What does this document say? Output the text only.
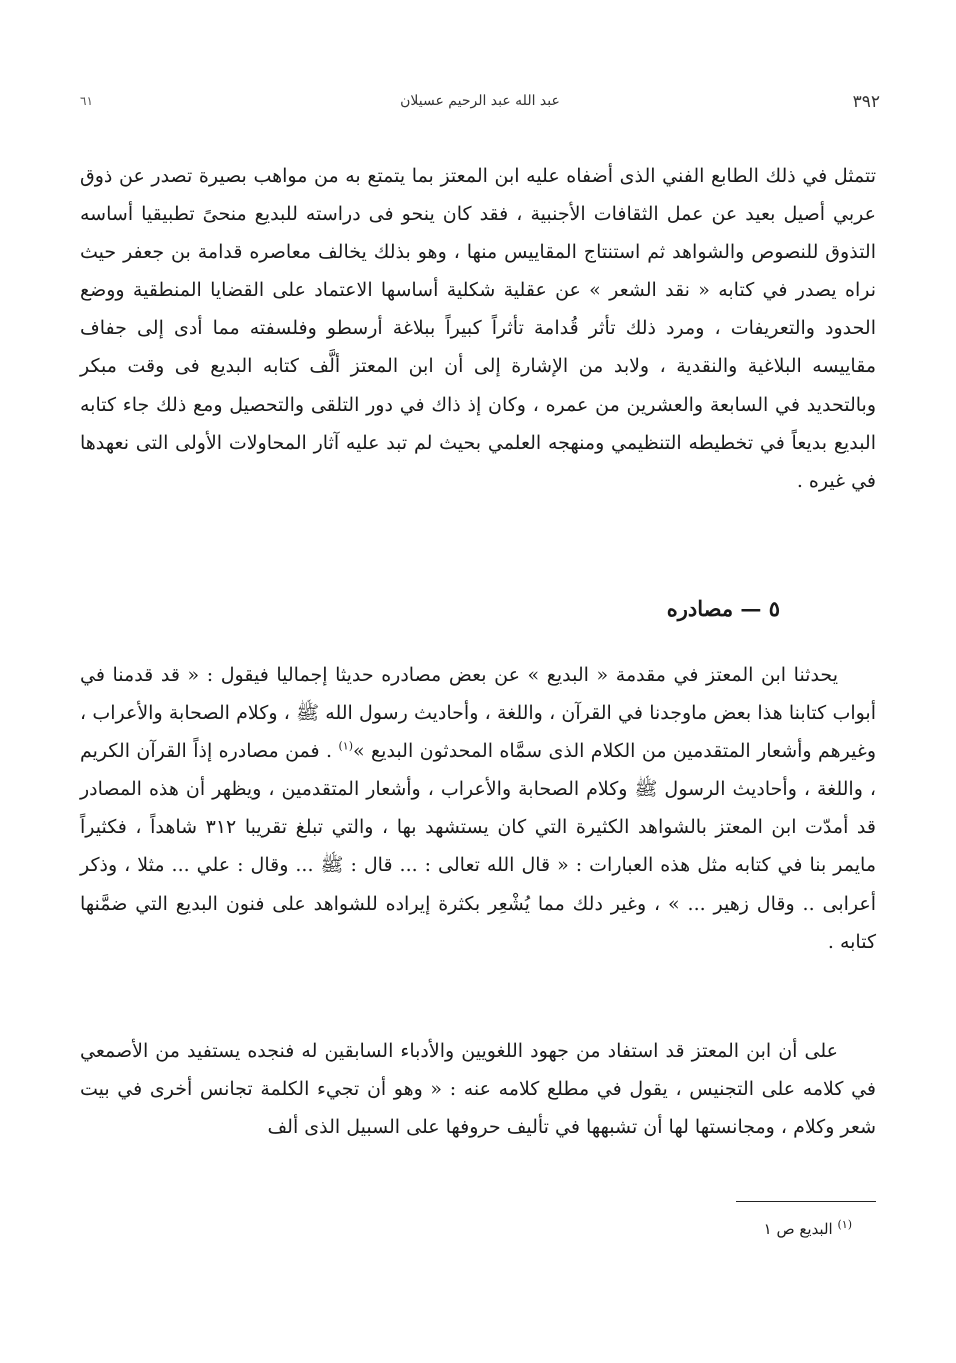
٣٩٢
عبد الله عبد الرحيم عسيلان
٦١

تتمثل في ذلك الطابع الفني الذى أضفاه عليه ابن المعتز بما يتمتع به من مواهب بصيرة تصدر عن ذوق عربي أصيل بعيد عن عمل الثقافات الأجنبية ، فقد كان ينحو فى دراسته للبديع منحىً تطبيقيا أساسه التذوق للنصوص والشواهد ثم استنتاج المقاييس منها ، وهو بذلك يخالف معاصره قدامة بن جعفر حيث نراه يصدر في كتابه « نقد الشعر » عن عقلية شكلية أساسها الاعتماد على القضايا المنطقية ووضع الحدود والتعريفات ، ومرد ذلك تأثر قُدامة تأثراً كبيراً ببلاغة أرسطو وفلسفته مما أدى إلى جفاف مقاييسه البلاغية والنقدية ، ولابد من الإشارة إلى أن ابن المعتز ألَّف كتابه البديع فى وقت مبكر وبالتحديد في السابعة والعشرين من عمره ، وكان إذ ذاك في دور التلقى والتحصيل ومع ذلك جاء كتابه البديع بديعاً في تخطيطه التنظيمي ومنهجه العلمي بحيث لم تبد عليه آثار المحاولات الأولى التى نعهدها في غيره .

٥ — مصادره

يحدثنا ابن المعتز في مقدمة « البديع » عن بعض مصادره حديثا إجماليا فيقول : « قد قدمنا في أبواب كتابنا هذا بعض ماوجدنا في القرآن ، واللغة ، وأحاديث رسول الله ﷺ ، وكلام الصحابة والأعراب ، وغيرهم وأشعار المتقدمين من الكلام الذى سمَّاه المحدثون البديع »$^{(١)}$ . فمن مصادره إذاً القرآن الكريم ، واللغة ، وأحاديث الرسول ﷺ وكلام الصحابة والأعراب ، وأشعار المتقدمين ، ويظهر أن هذه المصادر قد أمدّت ابن المعتز بالشواهد الكثيرة التي كان يستشهد بها ، والتي تبلغ تقريبا ٣١٢ شاهداً ، فكثيراً مايمر بنا في كتابه مثل هذه العبارات : « قال الله تعالى : ... قال : ﷺ ... وقال : علي ... مثلا ، وذكر أعرابى .. وقال زهير ... » ، وغير دلك مما يُشْعِر بكثرة إيراده للشواهد على فنون البديع التي ضمَّنها كتابه .

على أن ابن المعتز قد استفاد من جهود اللغويين والأدباء السابقين له فنجده يستفيد من الأصمعي في كلامه على التجنيس ، يقول في مطلع كلامه عنه : « وهو أن تجيء الكلمة تجانس أخرى في بيت شعر وكلام ، ومجانستها لها أن تشبهها في تأليف حروفها على السبيل الذى ألف

$^{(١)}$ البديع ص ١
